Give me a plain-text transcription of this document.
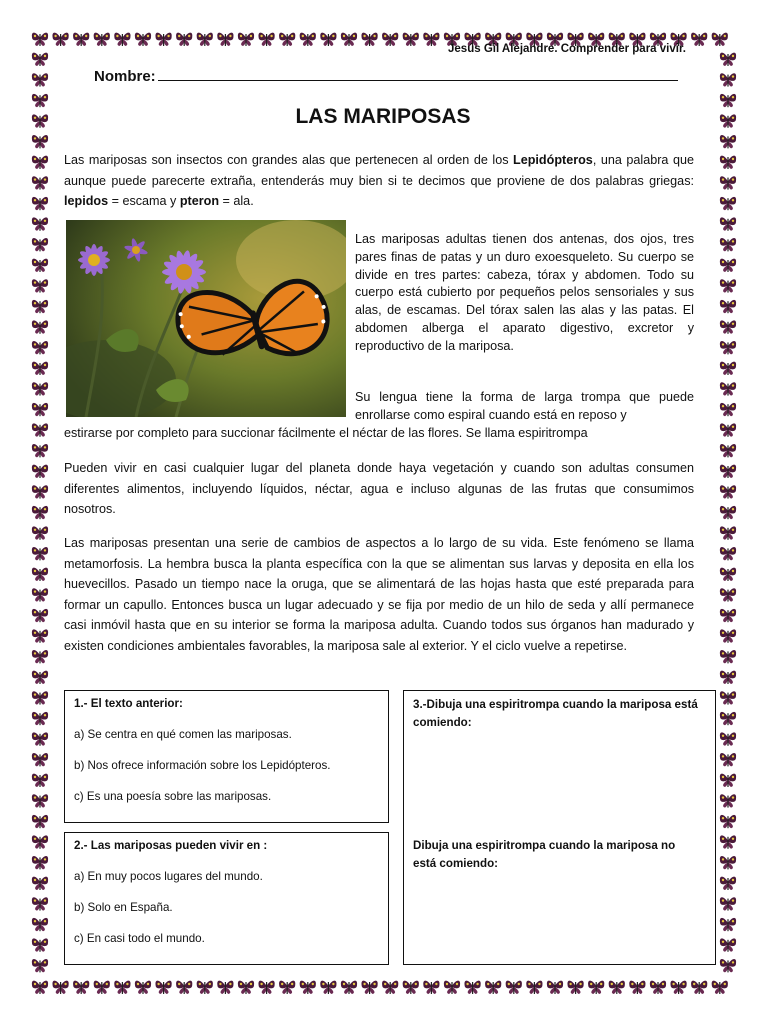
Jesús Gil Alejandre. Comprender para vivir.
Nombre:
LAS MARIPOSAS
Las mariposas son insectos con grandes alas que pertenecen al orden de los Lepidópteros, una palabra que aunque puede parecerte extraña, entenderás muy bien si te decimos que proviene de dos palabras griegas: lepidos = escama y pteron = ala.
Las mariposas adultas tienen dos antenas, dos ojos, tres pares finas de patas y un duro exoesqueleto. Su cuerpo se divide en tres partes: cabeza, tórax y abdomen. Todo su cuerpo está cubierto por pequeños pelos sensoriales y sus alas, de escamas. Del tórax salen las alas y las patas. El abdomen alberga el aparato digestivo, excretor y reproductivo de la mariposa.
Su lengua tiene la forma de larga trompa que puede enrollarse como espiral cuando está en reposo y
estirarse por completo para succionar fácilmente el néctar de las flores. Se llama espiritrompa
Pueden vivir en casi cualquier lugar del planeta donde haya vegetación y cuando son adultas consumen diferentes alimentos, incluyendo líquidos, néctar, agua e incluso algunas de las frutas que consumimos nosotros.
Las mariposas presentan una serie de cambios de aspectos a lo largo de su vida. Este fenómeno se llama metamorfosis. La hembra busca la planta específica con la que se alimentan sus larvas y deposita en ella los huevecillos. Pasado un tiempo nace la oruga, que se alimentará de las hojas hasta que esté preparada para formar un capullo. Entonces busca un lugar adecuado y se fija por medio de un hilo de seda y allí permanece casi inmóvil hasta que en su interior se forma la mariposa adulta. Cuando todos sus órganos han madurado y existen condiciones ambientales favorables, la mariposa sale al exterior. Y el ciclo vuelve a repetirse.
1.- El texto anterior:
a) Se centra en qué comen las mariposas.
b) Nos ofrece información sobre los Lepidópteros.
c) Es una poesía sobre las mariposas.
2.- Las mariposas pueden vivir en :
a) En muy pocos lugares del mundo.
b) Solo en España.
c) En casi todo el mundo.
3.-Dibuja una espiritrompa cuando la mariposa está comiendo:
Dibuja una espiritrompa cuando la mariposa no está comiendo:
